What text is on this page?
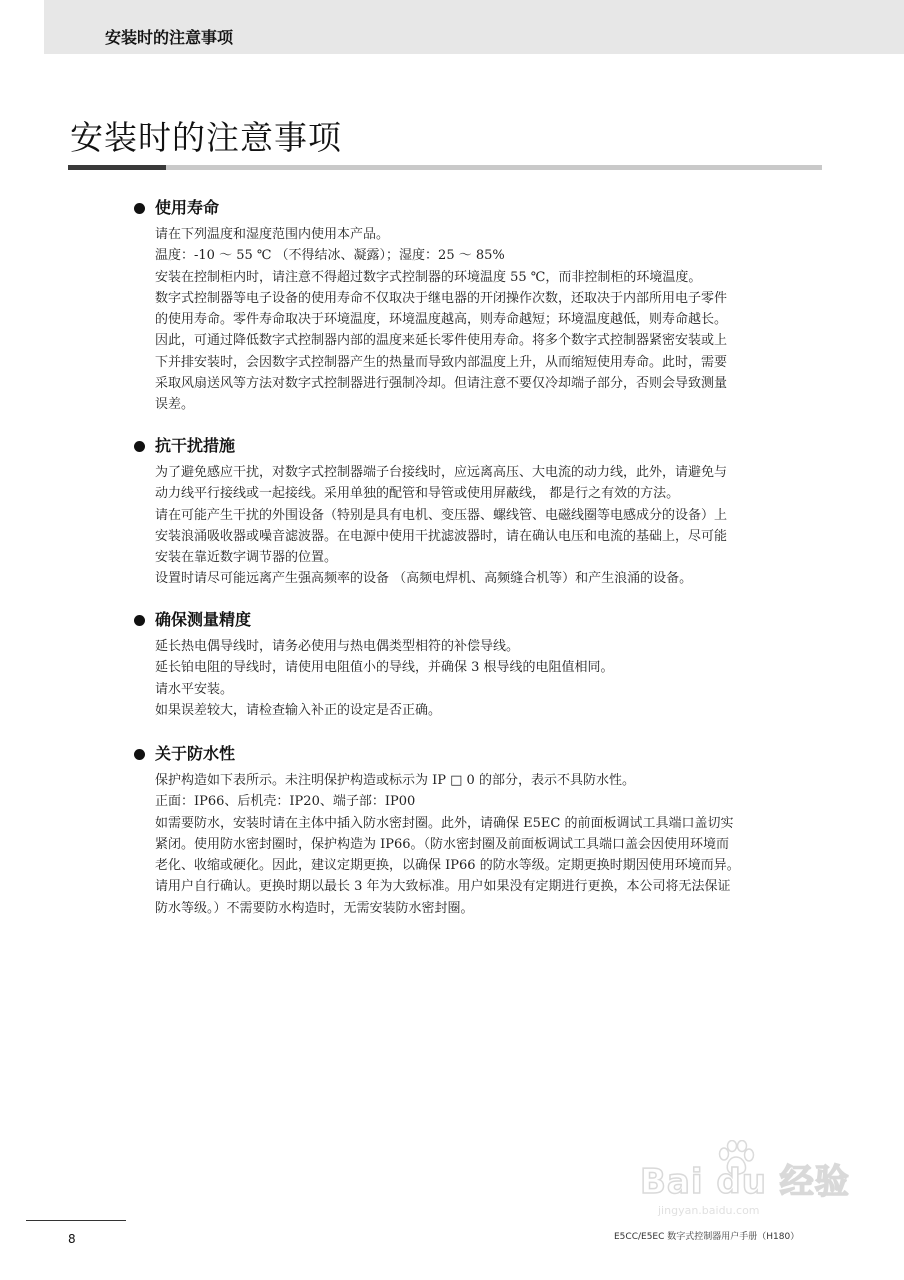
安装时的注意事项
安装时的注意事项
使用寿命
请在下列温度和湿度范围内使用本产品。
温度：-10 ～ 55 ℃ （不得结冰、凝露）；湿度：25 ～ 85%
安装在控制柜内时，请注意不得超过数字式控制器的环境温度 55 ℃，而非控制柜的环境温度。
数字式控制器等电子设备的使用寿命不仅取决于继电器的开闭操作次数，还取决于内部所用电子零件
的使用寿命。零件寿命取决于环境温度，环境温度越高，则寿命越短；环境温度越低，则寿命越长。
因此，可通过降低数字式控制器内部的温度来延长零件使用寿命。将多个数字式控制器紧密安装或上
下并排安装时，会因数字式控制器产生的热量而导致内部温度上升，从而缩短使用寿命。此时，需要
采取风扇送风等方法对数字式控制器进行强制冷却。但请注意不要仅冷却端子部分，否则会导致测量
误差。
抗干扰措施
为了避免感应干扰，对数字式控制器端子台接线时，应远离高压、大电流的动力线，此外，请避免与
动力线平行接线或一起接线。采用单独的配管和导管或使用屏蔽线， 都是行之有效的方法。
请在可能产生干扰的外围设备（特别是具有电机、变压器、螺线管、电磁线圈等电感成分的设备）上
安装浪涌吸收器或噪音滤波器。在电源中使用干扰滤波器时，请在确认电压和电流的基础上，尽可能
安装在靠近数字调节器的位置。
设置时请尽可能远离产生强高频率的设备 （高频电焊机、高频缝合机等）和产生浪涌的设备。
确保测量精度
延长热电偶导线时，请务必使用与热电偶类型相符的补偿导线。
延长铂电阻的导线时，请使用电阻值小的导线，并确保 3 根导线的电阻值相同。
请水平安装。
如果误差较大，请检查输入补正的设定是否正确。
关于防水性
保护构造如下表所示。未注明保护构造或标示为 IP □ 0 的部分，表示不具防水性。
正面：IP66、后机壳：IP20、端子部：IP00
如需要防水，安装时请在主体中插入防水密封圈。此外，请确保 E5EC 的前面板调试工具端口盖切实
紧闭。使用防水密封圈时，保护构造为 IP66。（防水密封圈及前面板调试工具端口盖会因使用环境而
老化、收缩或硬化。因此，建议定期更换，以确保 IP66 的防水等级。定期更换时期因使用环境而异。
请用户自行确认。更换时期以最长 3 年为大致标准。用户如果没有定期进行更换，本公司将无法保证
防水等级。）不需要防水构造时，无需安装防水密封圈。
Bai du 经验
jingyan.baidu.com
8	E5CC/E5EC 数字式控制器用户手册（H180）
